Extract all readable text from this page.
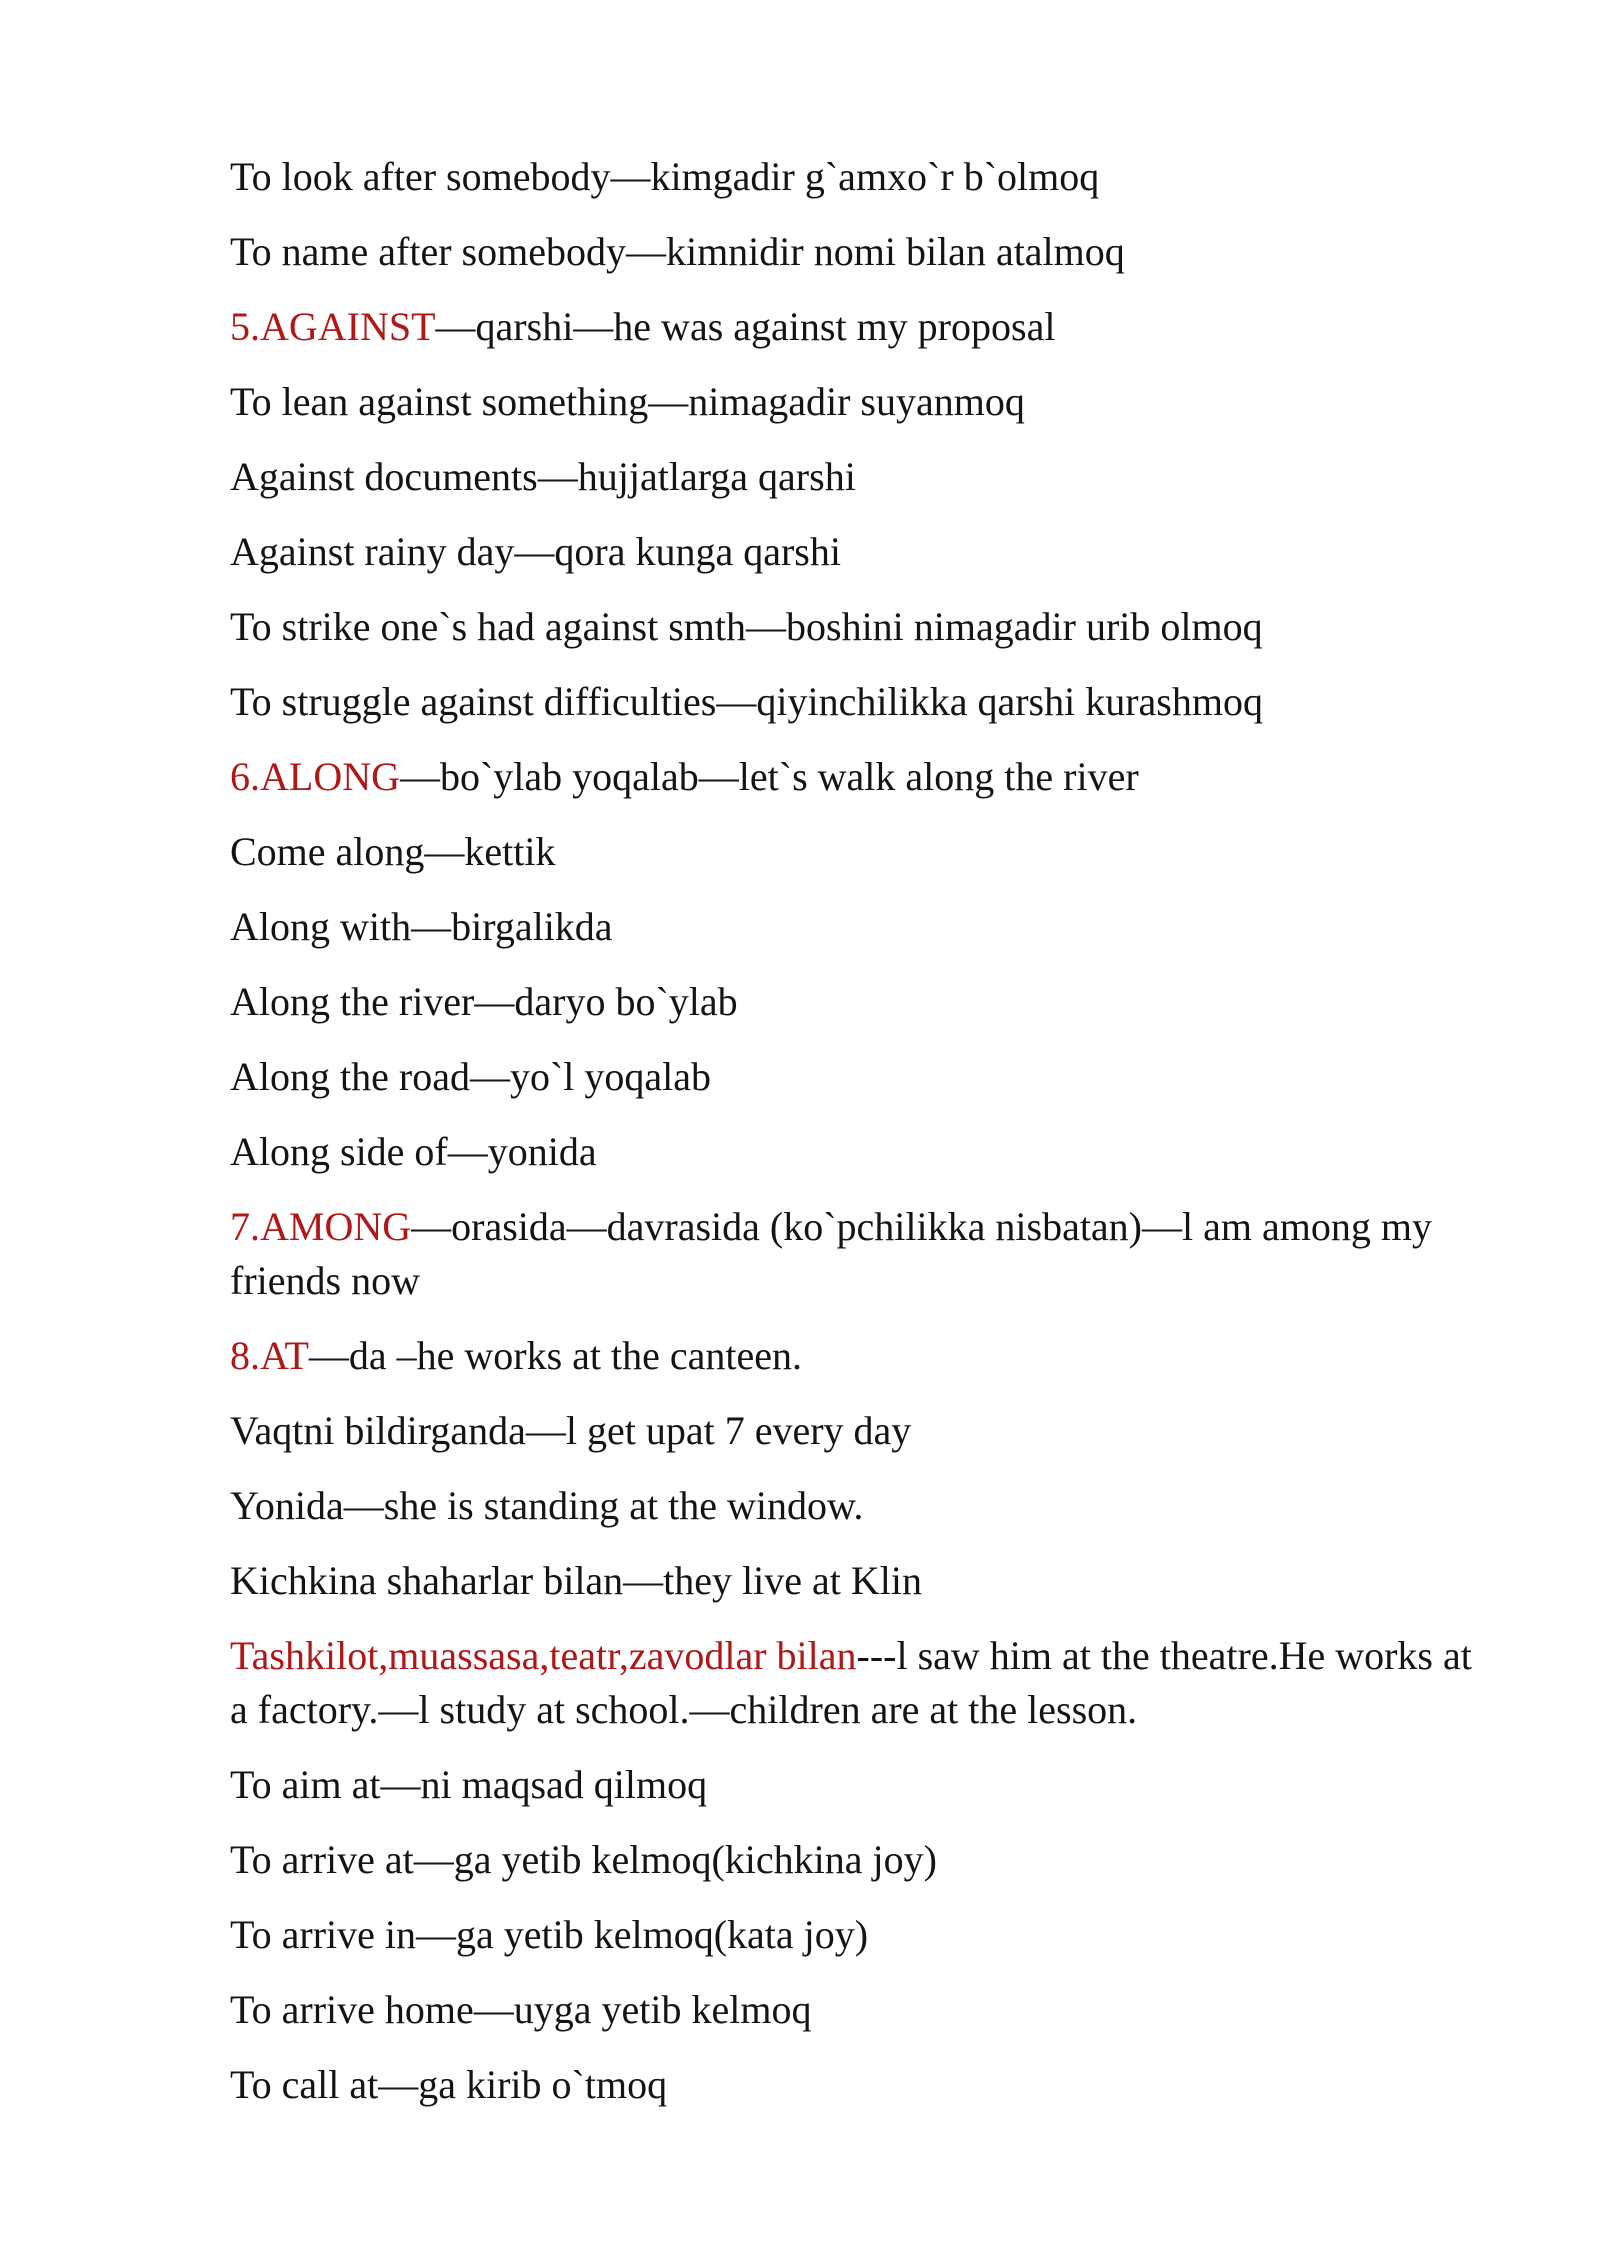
To look after somebody—kimgadir g`amxo`r b`olmoq

To name after somebody—kimnidir nomi bilan atalmoq

5.AGAINST—qarshi—he was against my proposal

To lean against something—nimagadir suyanmoq

Against documents—hujjatlarga qarshi

Against rainy day—qora kunga qarshi

To strike one`s had against smth—boshini nimagadir urib olmoq

To struggle against difficulties—qiyinchilikka qarshi kurashmoq

6.ALONG—bo`ylab yoqalab—let`s walk along the river

Come along—kettik

Along with—birgalikda

Along the river—daryo bo`ylab

Along the road—yo`l yoqalab

Along side of—yonida

7.AMONG—orasida—davrasida (ko`pchilikka nisbatan)—l am among my friends now

8.AT—da –he works at the canteen.

Vaqtni bildirganda—l get upat 7 every day

Yonida—she is standing at the window.

Kichkina shaharlar bilan—they live at Klin

Tashkilot,muassasa,teatr,zavodlar bilan---l saw him at the theatre.He works at a factory.—l study at school.—children are at the lesson.

To aim at—ni maqsad qilmoq

To arrive at—ga yetib kelmoq(kichkina joy)

To arrive in—ga yetib kelmoq(kata joy)

To arrive home—uyga yetib kelmoq

To call at—ga kirib o`tmoq
